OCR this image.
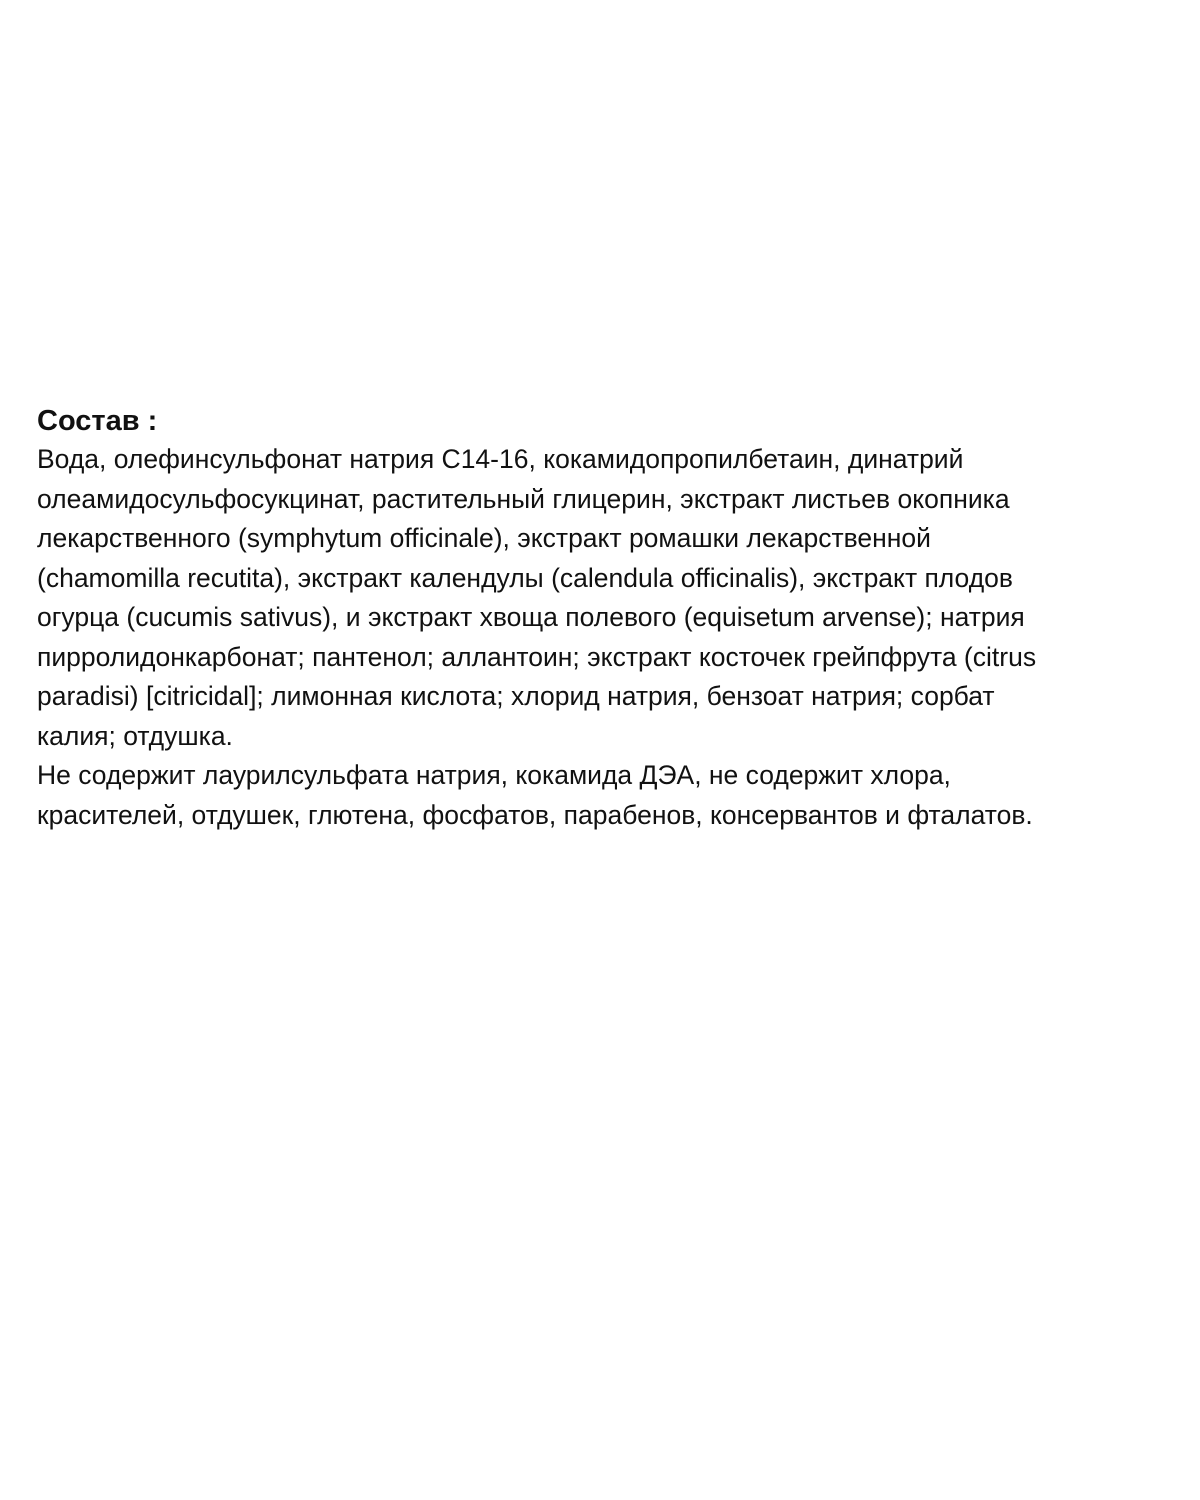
Состав :
Вода, олефинсульфонат натрия С14-16, кокамидопропилбетаин, динатрий
олеамидосульфосукцинат, растительный глицерин, экстракт листьев окопника
лекарственного (symphytum officinale), экстракт ромашки лекарственной
(chamomilla recutita), экстракт календулы (calendula officinalis), экстракт плодов
огурца (cucumis sativus), и экстракт хвоща полевого (equisetum arvense); натрия
пирролидонкарбонат; пантенол; аллантоин; экстракт косточек грейпфрута (citrus
paradisi) [citricidal]; лимонная кислота; хлорид натрия, бензоат натрия; сорбат
калия; отдушка.
Не содержит лаурилсульфата натрия, кокамида ДЭА, не содержит хлора,
красителей, отдушек, глютена, фосфатов, парабенов, консервантов и фталатов.
